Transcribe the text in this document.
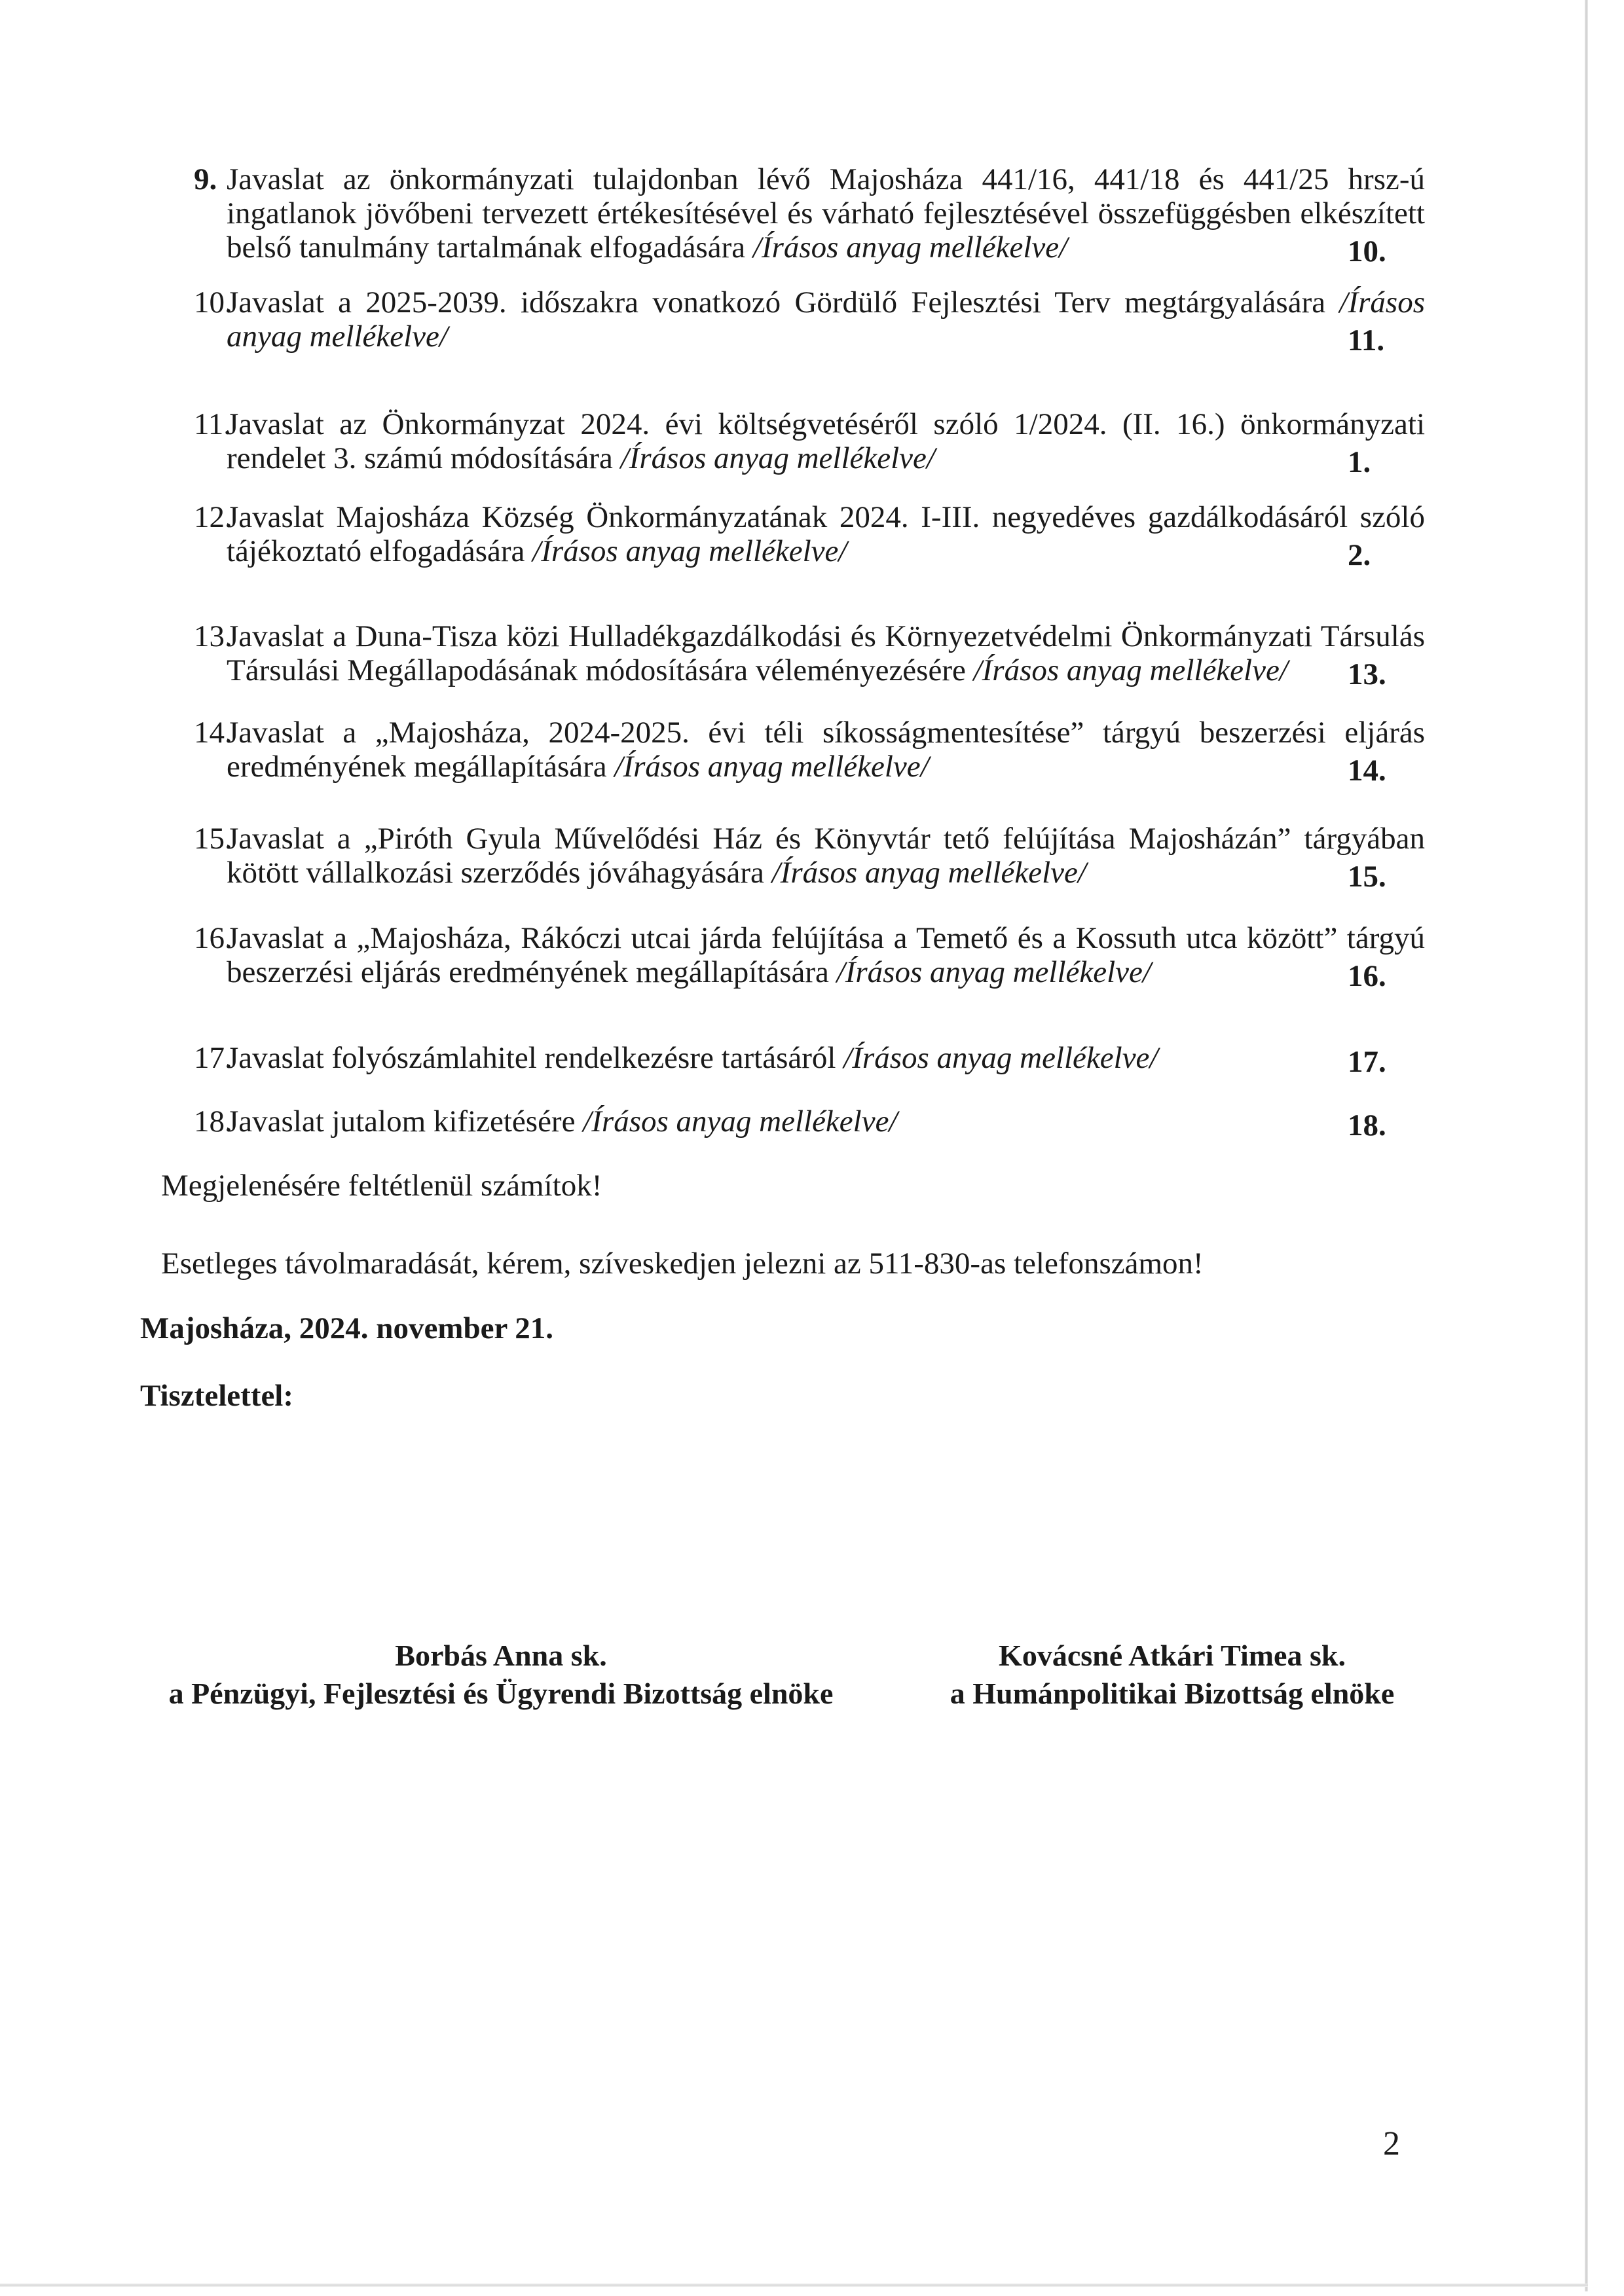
9. Javaslat az önkormányzati tulajdonban lévő Majosháza 441/16, 441/18 és 441/25 hrsz-ú ingatlanok jövőbeni tervezett értékesítésével és várható fejlesztésével összefüggésben elkészített belső tanulmány tartalmának elfogadására /Írásos anyag mellékelve/	10.
10.
Javaslat a 2025-2039. időszakra vonatkozó Gördülő Fejlesztési Terv megtárgyalására /Írásos anyag mellékelve/	11.
11.
Javaslat az Önkormányzat 2024. évi költségvetéséről szóló 1/2024. (II. 16.) önkormányzati rendelet 3. számú módosítására /Írásos anyag mellékelve/	1.
12.
Javaslat Majosháza Község Önkormányzatának 2024. I-III. negyedéves gazdálkodásáról szóló tájékoztató elfogadására /Írásos anyag mellékelve/	2.
13.
Javaslat a Duna-Tisza közi Hulladékgazdálkodási és Környezetvédelmi Önkormányzati Társulás Társulási Megállapodásának módosítására véleményezésére /Írásos anyag mellékelve/	13.
14.
Javaslat a „Majosháza, 2024-2025. évi téli síkosságmentesítése” tárgyú beszerzési eljárás eredményének megállapítására /Írásos anyag mellékelve/	14.
15.
Javaslat a „Piróth Gyula Művelődési Ház és Könyvtár tető felújítása Majosházán” tárgyában kötött vállalkozási szerződés jóváhagyására /Írásos anyag mellékelve/	15.
16.
Javaslat a „Majosháza, Rákóczi utcai járda felújítása a Temető és a Kossuth utca között” tárgyú beszerzési eljárás eredményének megállapítására /Írásos anyag mellékelve/	16.
17.
Javaslat folyószámlahitel rendelkezésre tartásáról /Írásos anyag mellékelve/	17.
18.
Javaslat jutalom kifizetésére /Írásos anyag mellékelve/	18.
Megjelenésére feltétlenül számítok!
Esetleges távolmaradását, kérem, szíveskedjen jelezni az 511-830-as telefonszámon!
Majosháza, 2024. november 21.
Tisztelettel:
Borbás Anna sk.
a Pénzügyi, Fejlesztési és Ügyrendi Bizottság elnöke
Kovácsné Atkári Timea sk.
a Humánpolitikai Bizottság elnöke
2
